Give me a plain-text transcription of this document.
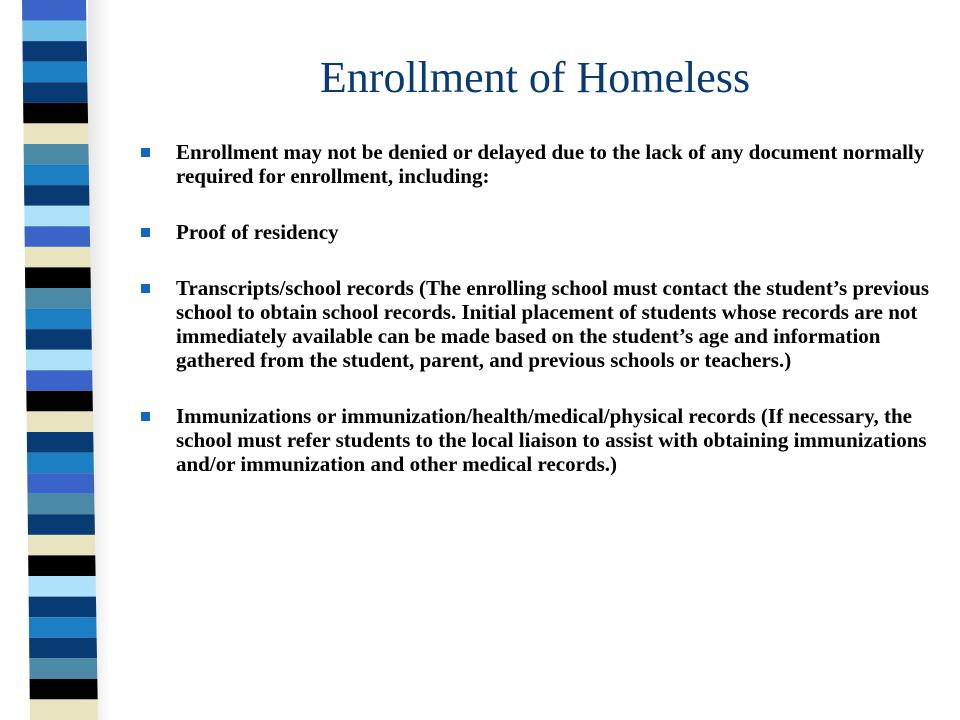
Enrollment of Homeless
Enrollment may not be denied or delayed due to the lack of any document normally required for enrollment, including:
Proof of residency
Transcripts/school records (The enrolling school must contact the student’s previous school to obtain school records. Initial placement of students whose records are not immediately available can be made based on the student’s age and information gathered from the student, parent, and previous schools or teachers.)
Immunizations or immunization/health/medical/physical records (If necessary, the school must refer students to the local liaison to assist with obtaining immunizations and/or immunization and other medical records.)
